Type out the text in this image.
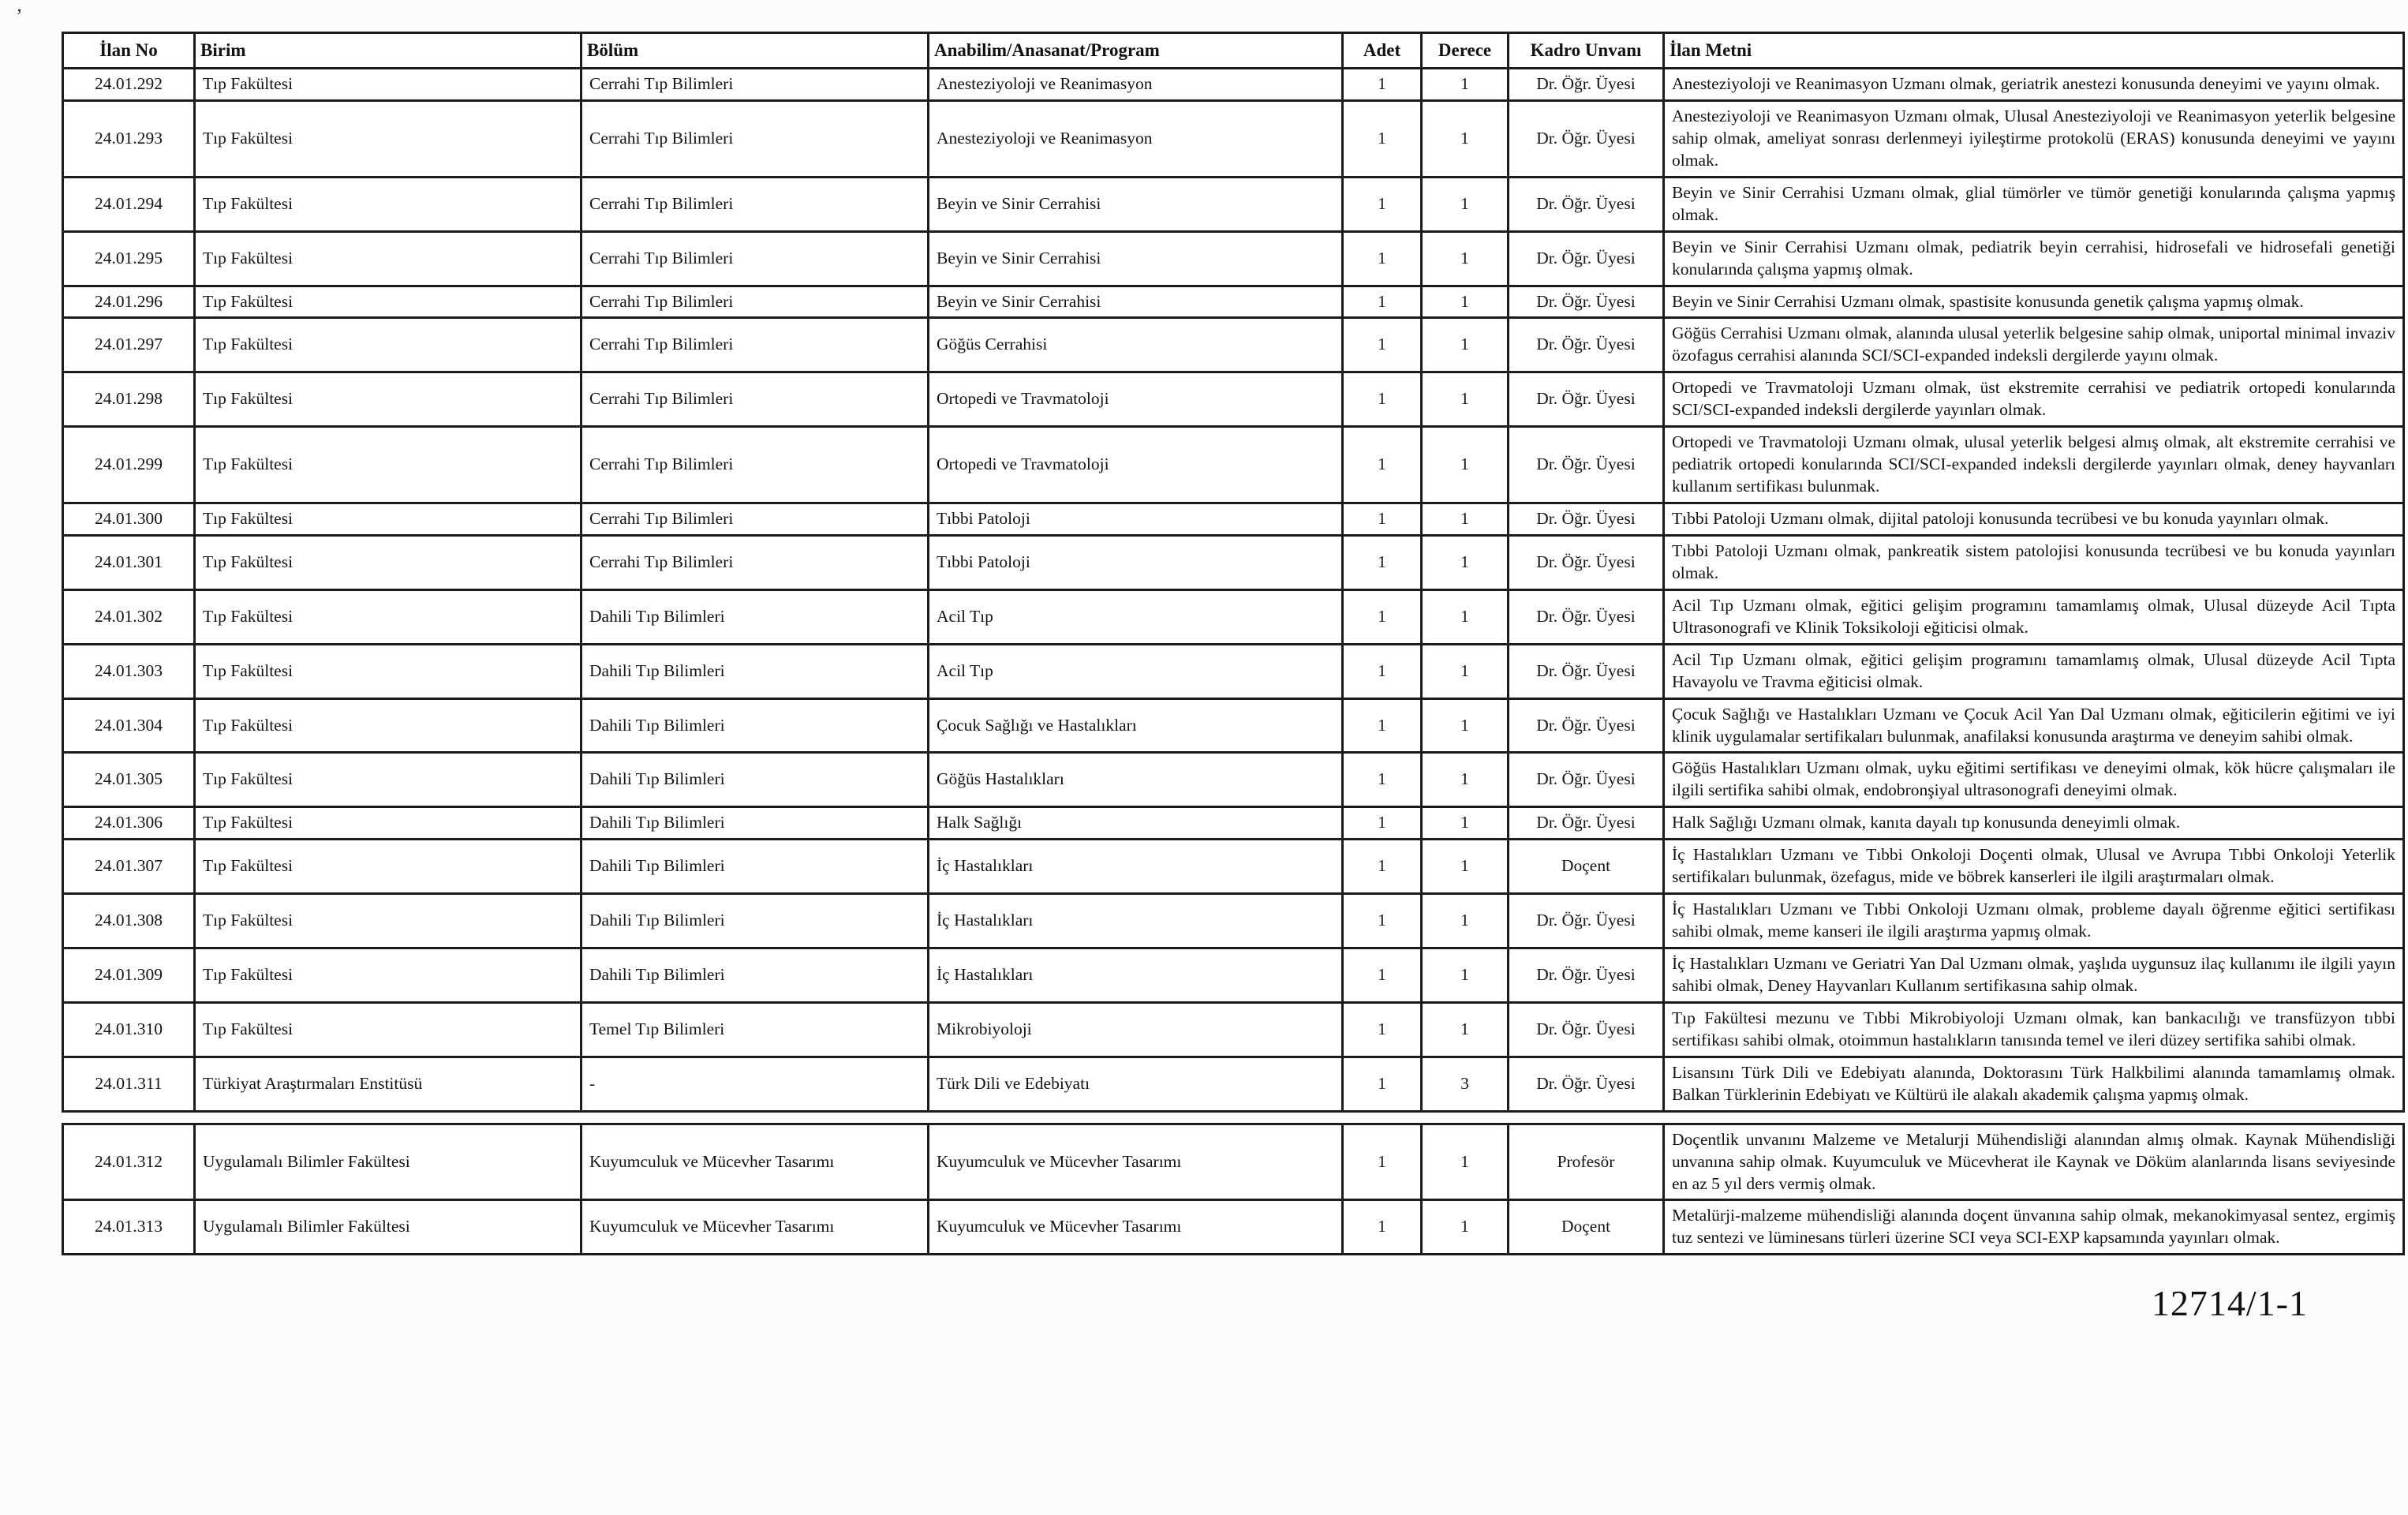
’
İlan No	Birim	Bölüm	Anabilim/Anasanat/Program	Adet	Derece	Kadro Unvanı	İlan Metni
24.01.292	Tıp Fakültesi	Cerrahi Tıp Bilimleri	Anesteziyoloji ve Reanimasyon	1	1	Dr. Öğr. Üyesi	Anesteziyoloji ve Reanimasyon Uzmanı olmak, geriatrik anestezi konusunda deneyimi ve yayını olmak.
24.01.293	Tıp Fakültesi	Cerrahi Tıp Bilimleri	Anesteziyoloji ve Reanimasyon	1	1	Dr. Öğr. Üyesi	Anesteziyoloji ve Reanimasyon Uzmanı olmak, Ulusal Anesteziyoloji ve Reanimasyon yeterlik belgesine sahip olmak, ameliyat sonrası derlenmeyi iyileştirme protokolü (ERAS) konusunda deneyimi ve yayını olmak.
24.01.294	Tıp Fakültesi	Cerrahi Tıp Bilimleri	Beyin ve Sinir Cerrahisi	1	1	Dr. Öğr. Üyesi	Beyin ve Sinir Cerrahisi Uzmanı olmak, glial tümörler ve tümör genetiği konularında çalışma yapmış olmak.
24.01.295	Tıp Fakültesi	Cerrahi Tıp Bilimleri	Beyin ve Sinir Cerrahisi	1	1	Dr. Öğr. Üyesi	Beyin ve Sinir Cerrahisi Uzmanı olmak, pediatrik beyin cerrahisi, hidrosefali ve hidrosefali genetiği konularında çalışma yapmış olmak.
24.01.296	Tıp Fakültesi	Cerrahi Tıp Bilimleri	Beyin ve Sinir Cerrahisi	1	1	Dr. Öğr. Üyesi	Beyin ve Sinir Cerrahisi Uzmanı olmak, spastisite konusunda genetik çalışma yapmış olmak.
24.01.297	Tıp Fakültesi	Cerrahi Tıp Bilimleri	Göğüs Cerrahisi	1	1	Dr. Öğr. Üyesi	Göğüs Cerrahisi Uzmanı olmak, alanında ulusal yeterlik belgesine sahip olmak, uniportal minimal invaziv özofagus cerrahisi alanında SCI/SCI-expanded indeksli dergilerde yayını olmak.
24.01.298	Tıp Fakültesi	Cerrahi Tıp Bilimleri	Ortopedi ve Travmatoloji	1	1	Dr. Öğr. Üyesi	Ortopedi ve Travmatoloji Uzmanı olmak, üst ekstremite cerrahisi ve pediatrik ortopedi konularında SCI/SCI-expanded indeksli dergilerde yayınları olmak.
24.01.299	Tıp Fakültesi	Cerrahi Tıp Bilimleri	Ortopedi ve Travmatoloji	1	1	Dr. Öğr. Üyesi	Ortopedi ve Travmatoloji Uzmanı olmak, ulusal yeterlik belgesi almış olmak, alt ekstremite cerrahisi ve pediatrik ortopedi konularında SCI/SCI-expanded indeksli dergilerde yayınları olmak, deney hayvanları kullanım sertifikası bulunmak.
24.01.300	Tıp Fakültesi	Cerrahi Tıp Bilimleri	Tıbbi Patoloji	1	1	Dr. Öğr. Üyesi	Tıbbi Patoloji Uzmanı olmak, dijital patoloji konusunda tecrübesi ve bu konuda yayınları olmak.
24.01.301	Tıp Fakültesi	Cerrahi Tıp Bilimleri	Tıbbi Patoloji	1	1	Dr. Öğr. Üyesi	Tıbbi Patoloji Uzmanı olmak, pankreatik sistem patolojisi konusunda tecrübesi ve bu konuda yayınları olmak.
24.01.302	Tıp Fakültesi	Dahili Tıp Bilimleri	Acil Tıp	1	1	Dr. Öğr. Üyesi	Acil Tıp Uzmanı olmak, eğitici gelişim programını tamamlamış olmak, Ulusal düzeyde Acil Tıpta Ultrasonografi ve Klinik Toksikoloji eğiticisi olmak.
24.01.303	Tıp Fakültesi	Dahili Tıp Bilimleri	Acil Tıp	1	1	Dr. Öğr. Üyesi	Acil Tıp Uzmanı olmak, eğitici gelişim programını tamamlamış olmak, Ulusal düzeyde Acil Tıpta Havayolu ve Travma eğiticisi olmak.
24.01.304	Tıp Fakültesi	Dahili Tıp Bilimleri	Çocuk Sağlığı ve Hastalıkları	1	1	Dr. Öğr. Üyesi	Çocuk Sağlığı ve Hastalıkları Uzmanı ve Çocuk Acil Yan Dal Uzmanı olmak, eğiticilerin eğitimi ve iyi klinik uygulamalar sertifikaları bulunmak, anafilaksi konusunda araştırma ve deneyim sahibi olmak.
24.01.305	Tıp Fakültesi	Dahili Tıp Bilimleri	Göğüs Hastalıkları	1	1	Dr. Öğr. Üyesi	Göğüs Hastalıkları Uzmanı olmak, uyku eğitimi sertifikası ve deneyimi olmak, kök hücre çalışmaları ile ilgili sertifika sahibi olmak, endobronşiyal ultrasonografi deneyimi olmak.
24.01.306	Tıp Fakültesi	Dahili Tıp Bilimleri	Halk Sağlığı	1	1	Dr. Öğr. Üyesi	Halk Sağlığı Uzmanı olmak, kanıta dayalı tıp konusunda deneyimli olmak.
24.01.307	Tıp Fakültesi	Dahili Tıp Bilimleri	İç Hastalıkları	1	1	Doçent	İç Hastalıkları Uzmanı ve Tıbbi Onkoloji Doçenti olmak, Ulusal ve Avrupa Tıbbi Onkoloji Yeterlik sertifikaları bulunmak, özefagus, mide ve böbrek kanserleri ile ilgili araştırmaları olmak.
24.01.308	Tıp Fakültesi	Dahili Tıp Bilimleri	İç Hastalıkları	1	1	Dr. Öğr. Üyesi	İç Hastalıkları Uzmanı ve Tıbbi Onkoloji Uzmanı olmak, probleme dayalı öğrenme eğitici sertifikası sahibi olmak, meme kanseri ile ilgili araştırma yapmış olmak.
24.01.309	Tıp Fakültesi	Dahili Tıp Bilimleri	İç Hastalıkları	1	1	Dr. Öğr. Üyesi	İç Hastalıkları Uzmanı ve Geriatri Yan Dal Uzmanı olmak, yaşlıda uygunsuz ilaç kullanımı ile ilgili yayın sahibi olmak, Deney Hayvanları Kullanım sertifikasına sahip olmak.
24.01.310	Tıp Fakültesi	Temel Tıp Bilimleri	Mikrobiyoloji	1	1	Dr. Öğr. Üyesi	Tıp Fakültesi mezunu ve Tıbbi Mikrobiyoloji Uzmanı olmak, kan bankacılığı ve transfüzyon tıbbi sertifikası sahibi olmak, otoimmun hastalıkların tanısında temel ve ileri düzey sertifika sahibi olmak.
24.01.311	Türkiyat Araştırmaları Enstitüsü	-	Türk Dili ve Edebiyatı	1	3	Dr. Öğr. Üyesi	Lisansını Türk Dili ve Edebiyatı alanında, Doktorasını Türk Halkbilimi alanında tamamlamış olmak. Balkan Türklerinin Edebiyatı ve Kültürü ile alakalı akademik çalışma yapmış olmak.
24.01.312	Uygulamalı Bilimler Fakültesi	Kuyumculuk ve Mücevher Tasarımı	Kuyumculuk ve Mücevher Tasarımı	1	1	Profesör	Doçentlik unvanını Malzeme ve Metalurji Mühendisliği alanından almış olmak. Kaynak Mühendisliği unvanına sahip olmak. Kuyumculuk ve Mücevherat ile Kaynak ve Döküm alanlarında lisans seviyesinde en az 5 yıl ders vermiş olmak.
24.01.313	Uygulamalı Bilimler Fakültesi	Kuyumculuk ve Mücevher Tasarımı	Kuyumculuk ve Mücevher Tasarımı	1	1	Doçent	Metalürji-malzeme mühendisliği alanında doçent ünvanına sahip olmak, mekanokimyasal sentez, ergimiş tuz sentezi ve lüminesans türleri üzerine SCI veya SCI-EXP kapsamında yayınları olmak.
12714/1-1
